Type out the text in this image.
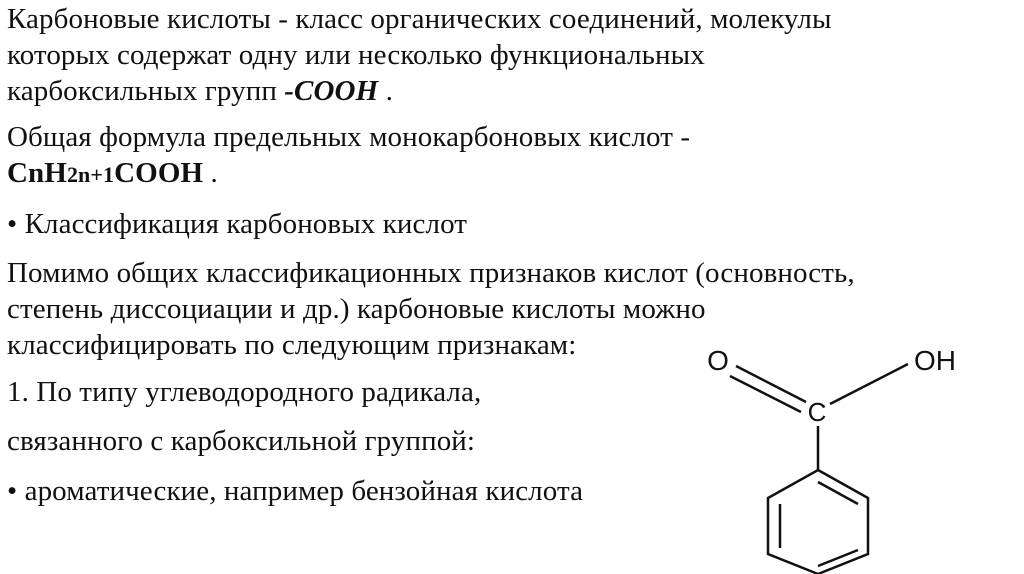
Карбоновые кислоты - класс органических соединений, молекулы
которых содержат одну или несколько функциональных
карбоксильных групп -COOH .
Общая формула предельных монокарбоновых кислот -
CnH2n+1COOH .
• Классификация карбоновых кислот
Помимо общих классификационных признаков кислот (основность,
степень диссоциации и др.) карбоновые кислоты можно
классифицировать по следующим признакам:
1. По типу углеводородного радикала,
связанного с карбоксильной группой:
• ароматические, например бензойная кислота
O	OH
C
